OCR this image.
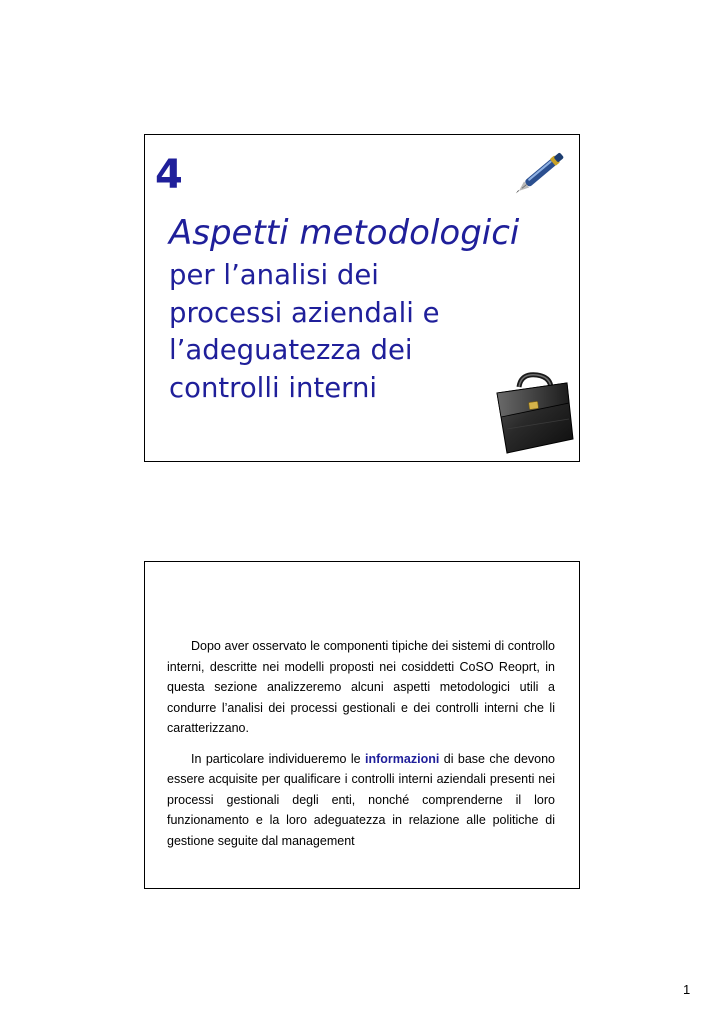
4
Aspetti metodologici
per l’analisi dei
processi aziendali e
l’adeguatezza dei
controlli interni

Dopo aver osservato le componenti tipiche dei sistemi di controllo interni, descritte nei modelli proposti nei cosiddetti CoSO Reoprt, in questa sezione analizzeremo alcuni aspetti metodologici utili a condurre l’analisi dei processi gestionali e dei controlli interni che li caratterizzano.

In particolare individueremo le informazioni di base che devono essere acquisite per qualificare i controlli interni aziendali presenti nei processi gestionali degli enti, nonché comprenderne il loro funzionamento e la loro adeguatezza in relazione alle politiche di gestione seguite dal management

1
